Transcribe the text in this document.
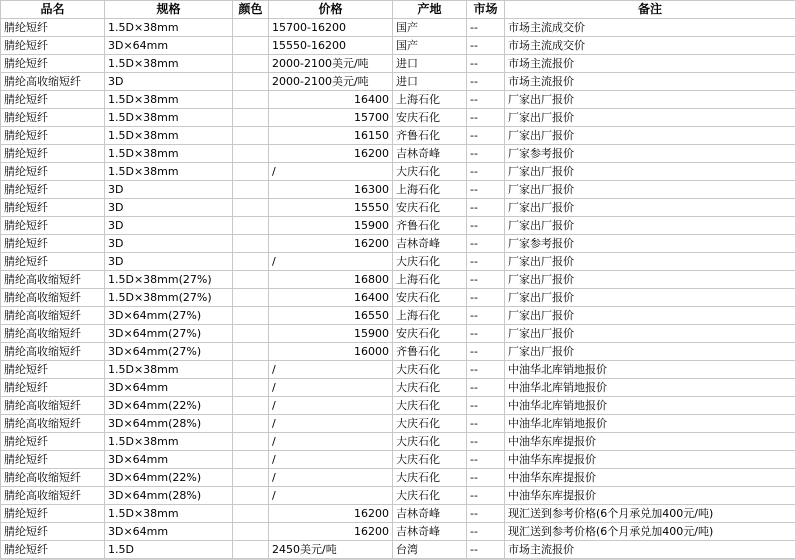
品名	规格	颜色	价格	产地	市场	备注
腈纶短纤	1.5D×38mm		15700-16200	国产	--	市场主流成交价
腈纶短纤	3D×64mm		15550-16200	国产	--	市场主流成交价
腈纶短纤	1.5D×38mm		2000-2100美元/吨	进口	--	市场主流报价
腈纶高收缩短纤	3D		2000-2100美元/吨	进口	--	市场主流报价
腈纶短纤	1.5D×38mm		16400	上海石化	--	厂家出厂报价
腈纶短纤	1.5D×38mm		15700	安庆石化	--	厂家出厂报价
腈纶短纤	1.5D×38mm		16150	齐鲁石化	--	厂家出厂报价
腈纶短纤	1.5D×38mm		16200	吉林奇峰	--	厂家参考报价
腈纶短纤	1.5D×38mm		/	大庆石化	--	厂家出厂报价
腈纶短纤	3D		16300	上海石化	--	厂家出厂报价
腈纶短纤	3D		15550	安庆石化	--	厂家出厂报价
腈纶短纤	3D		15900	齐鲁石化	--	厂家出厂报价
腈纶短纤	3D		16200	吉林奇峰	--	厂家参考报价
腈纶短纤	3D		/	大庆石化	--	厂家出厂报价
腈纶高收缩短纤	1.5D×38mm(27%)		16800	上海石化	--	厂家出厂报价
腈纶高收缩短纤	1.5D×38mm(27%)		16400	安庆石化	--	厂家出厂报价
腈纶高收缩短纤	3D×64mm(27%)		16550	上海石化	--	厂家出厂报价
腈纶高收缩短纤	3D×64mm(27%)		15900	安庆石化	--	厂家出厂报价
腈纶高收缩短纤	3D×64mm(27%)		16000	齐鲁石化	--	厂家出厂报价
腈纶短纤	1.5D×38mm		/	大庆石化	--	中油华北库销地报价
腈纶短纤	3D×64mm		/	大庆石化	--	中油华北库销地报价
腈纶高收缩短纤	3D×64mm(22%)		/	大庆石化	--	中油华北库销地报价
腈纶高收缩短纤	3D×64mm(28%)		/	大庆石化	--	中油华北库销地报价
腈纶短纤	1.5D×38mm		/	大庆石化	--	中油华东库提报价
腈纶短纤	3D×64mm		/	大庆石化	--	中油华东库提报价
腈纶高收缩短纤	3D×64mm(22%)		/	大庆石化	--	中油华东库提报价
腈纶高收缩短纤	3D×64mm(28%)		/	大庆石化	--	中油华东库提报价
腈纶短纤	1.5D×38mm		16200	吉林奇峰	--	现汇送到参考价格(6个月承兑加400元/吨)
腈纶短纤	3D×64mm		16200	吉林奇峰	--	现汇送到参考价格(6个月承兑加400元/吨)
腈纶短纤	1.5D		2450美元/吨	台湾	--	市场主流报价
